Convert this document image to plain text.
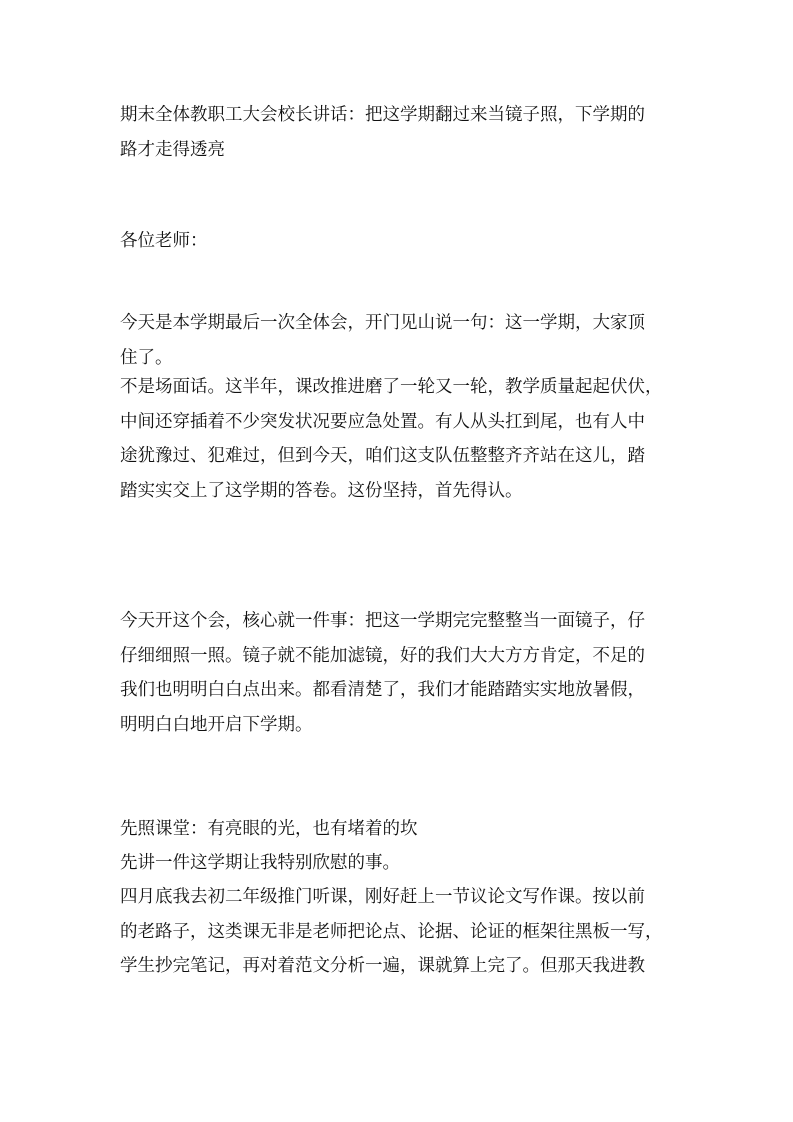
期末全体教职工大会校长讲话：把这学期翻过来当镜子照，下学期的
路才走得透亮
各位老师：
今天是本学期最后一次全体会，开门见山说一句：这一学期，大家顶
住了。
不是场面话。这半年，课改推进磨了一轮又一轮，教学质量起起伏伏，
中间还穿插着不少突发状况要应急处置。有人从头扛到尾，也有人中
途犹豫过、犯难过，但到今天，咱们这支队伍整整齐齐站在这儿，踏
踏实实交上了这学期的答卷。这份坚持，首先得认。
今天开这个会，核心就一件事：把这一学期完完整整当一面镜子，仔
仔细细照一照。镜子就不能加滤镜，好的我们大大方方肯定，不足的
我们也明明白白点出来。都看清楚了，我们才能踏踏实实地放暑假，
明明白白地开启下学期。
先照课堂：有亮眼的光，也有堵着的坎
先讲一件这学期让我特别欣慰的事。
四月底我去初二年级推门听课，刚好赶上一节议论文写作课。按以前
的老路子，这类课无非是老师把论点、论据、论证的框架往黑板一写，
学生抄完笔记，再对着范文分析一遍，课就算上完了。但那天我进教
